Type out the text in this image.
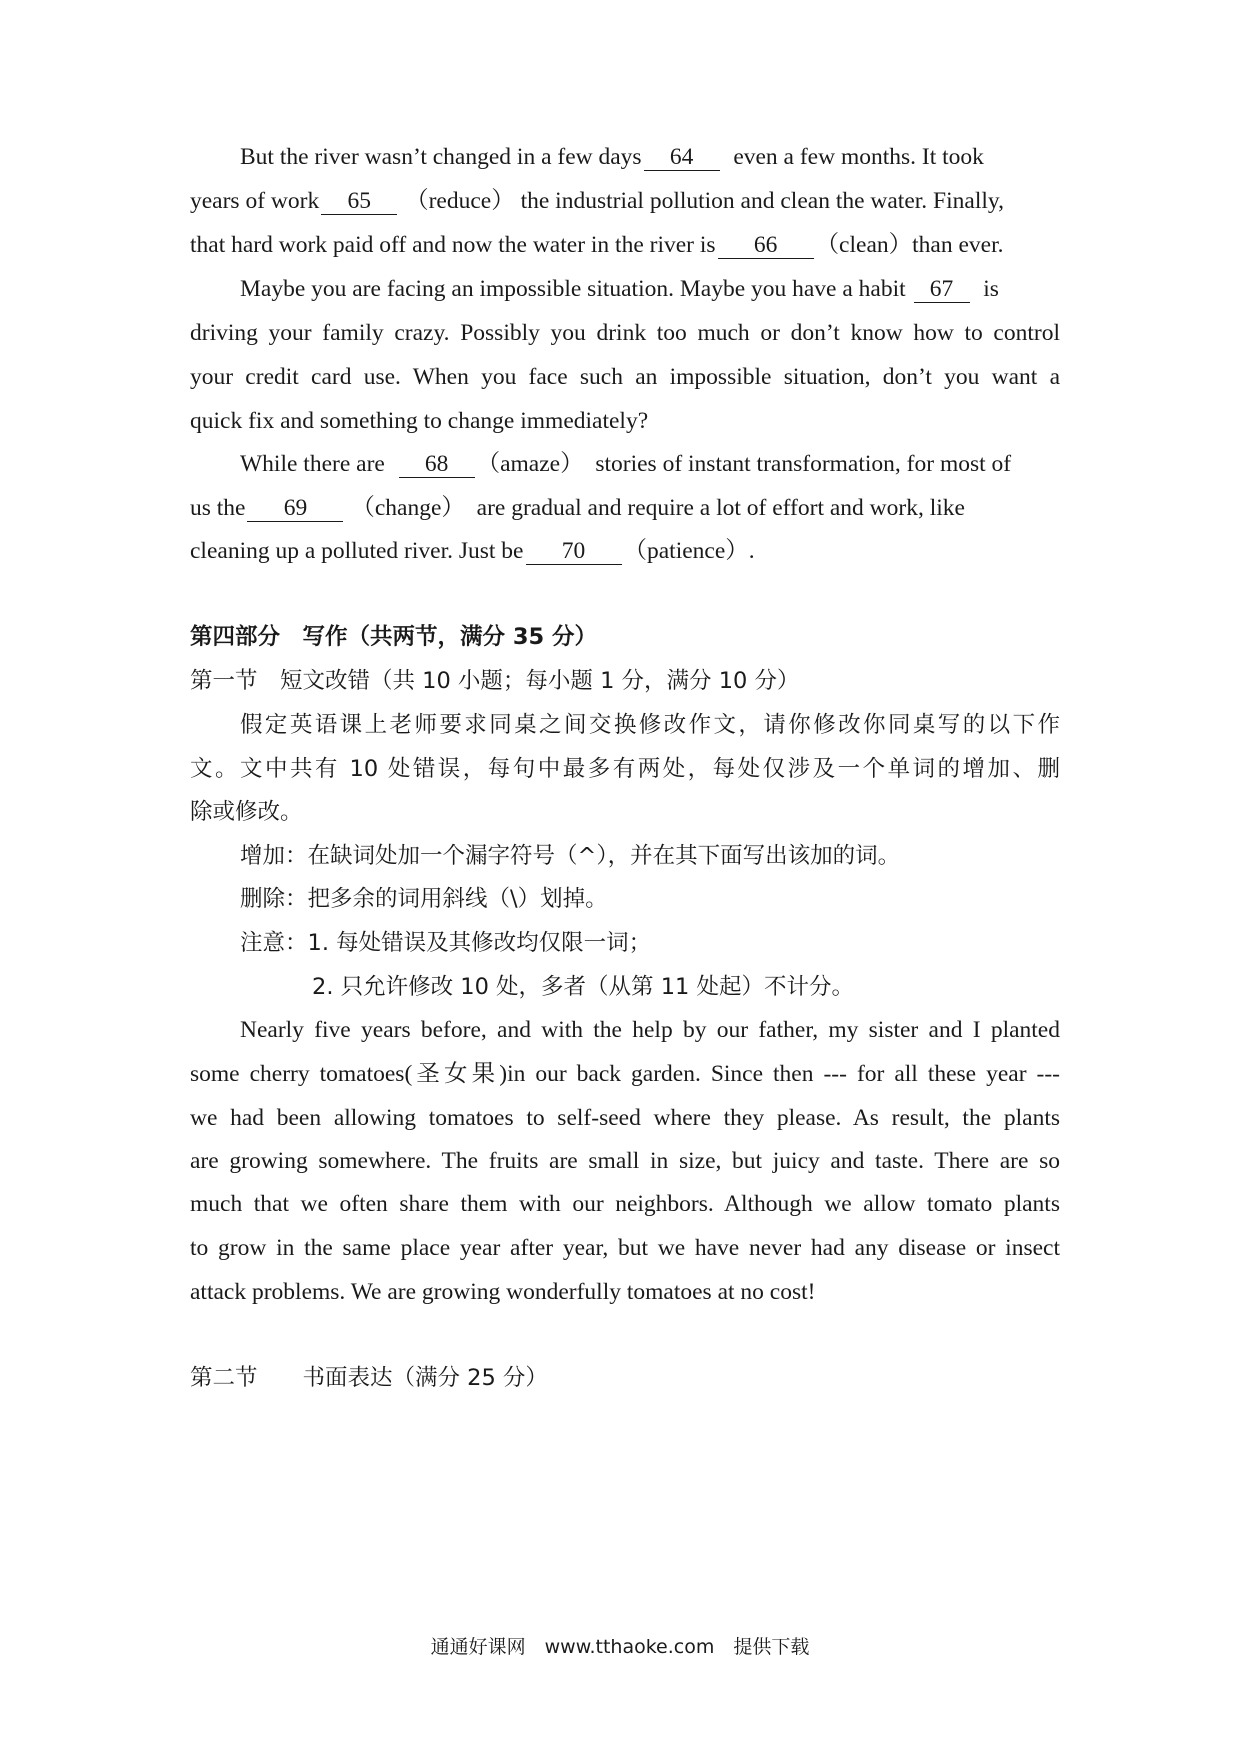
But the river wasn’t changed in a few days 64 even a few months. It took
years of work 65 （reduce） the industrial pollution and clean the water. Finally,
that hard work paid off and now the water in the river is 66 （clean）than ever.
Maybe you are facing an impossible situation. Maybe you have a habit 67 is
driving your family crazy. Possibly you drink too much or don’t know how to control
your credit card use. When you face such an impossible situation, don’t you want a
quick fix and something to change immediately?
While there are 68 （amaze） stories of instant transformation, for most of
us the 69 （change） are gradual and require a lot of effort and work, like
cleaning up a polluted river. Just be 70 （patience）.
第四部分　写作（共两节，满分 35 分）
第一节　短文改错（共 10 小题；每小题 1 分，满分 10 分）
假定英语课上老师要求同桌之间交换修改作文，请你修改你同桌写的以下作
文。文中共有 10 处错误，每句中最多有两处，每处仅涉及一个单词的增加、删
除或修改。
增加：在缺词处加一个漏字符号（^），并在其下面写出该加的词。
删除：把多余的词用斜线（\）划掉。
注意：1. 每处错误及其修改均仅限一词；
2. 只允许修改 10 处，多者（从第 11 处起）不计分。
Nearly five years before, and with the help by our father, my sister and I planted
some cherry tomatoes(圣女果)in our back garden. Since then --- for all these year ---
we had been allowing tomatoes to self-seed where they please. As result, the plants
are growing somewhere. The fruits are small in size, but juicy and taste. There are so
much that we often share them with our neighbors. Although we allow tomato plants
to grow in the same place year after year, but we have never had any disease or insect
attack problems. We are growing wonderfully tomatoes at no cost!
第二节　　书面表达（满分 25 分）
通通好课网　www.tthaoke.com　提供下载
